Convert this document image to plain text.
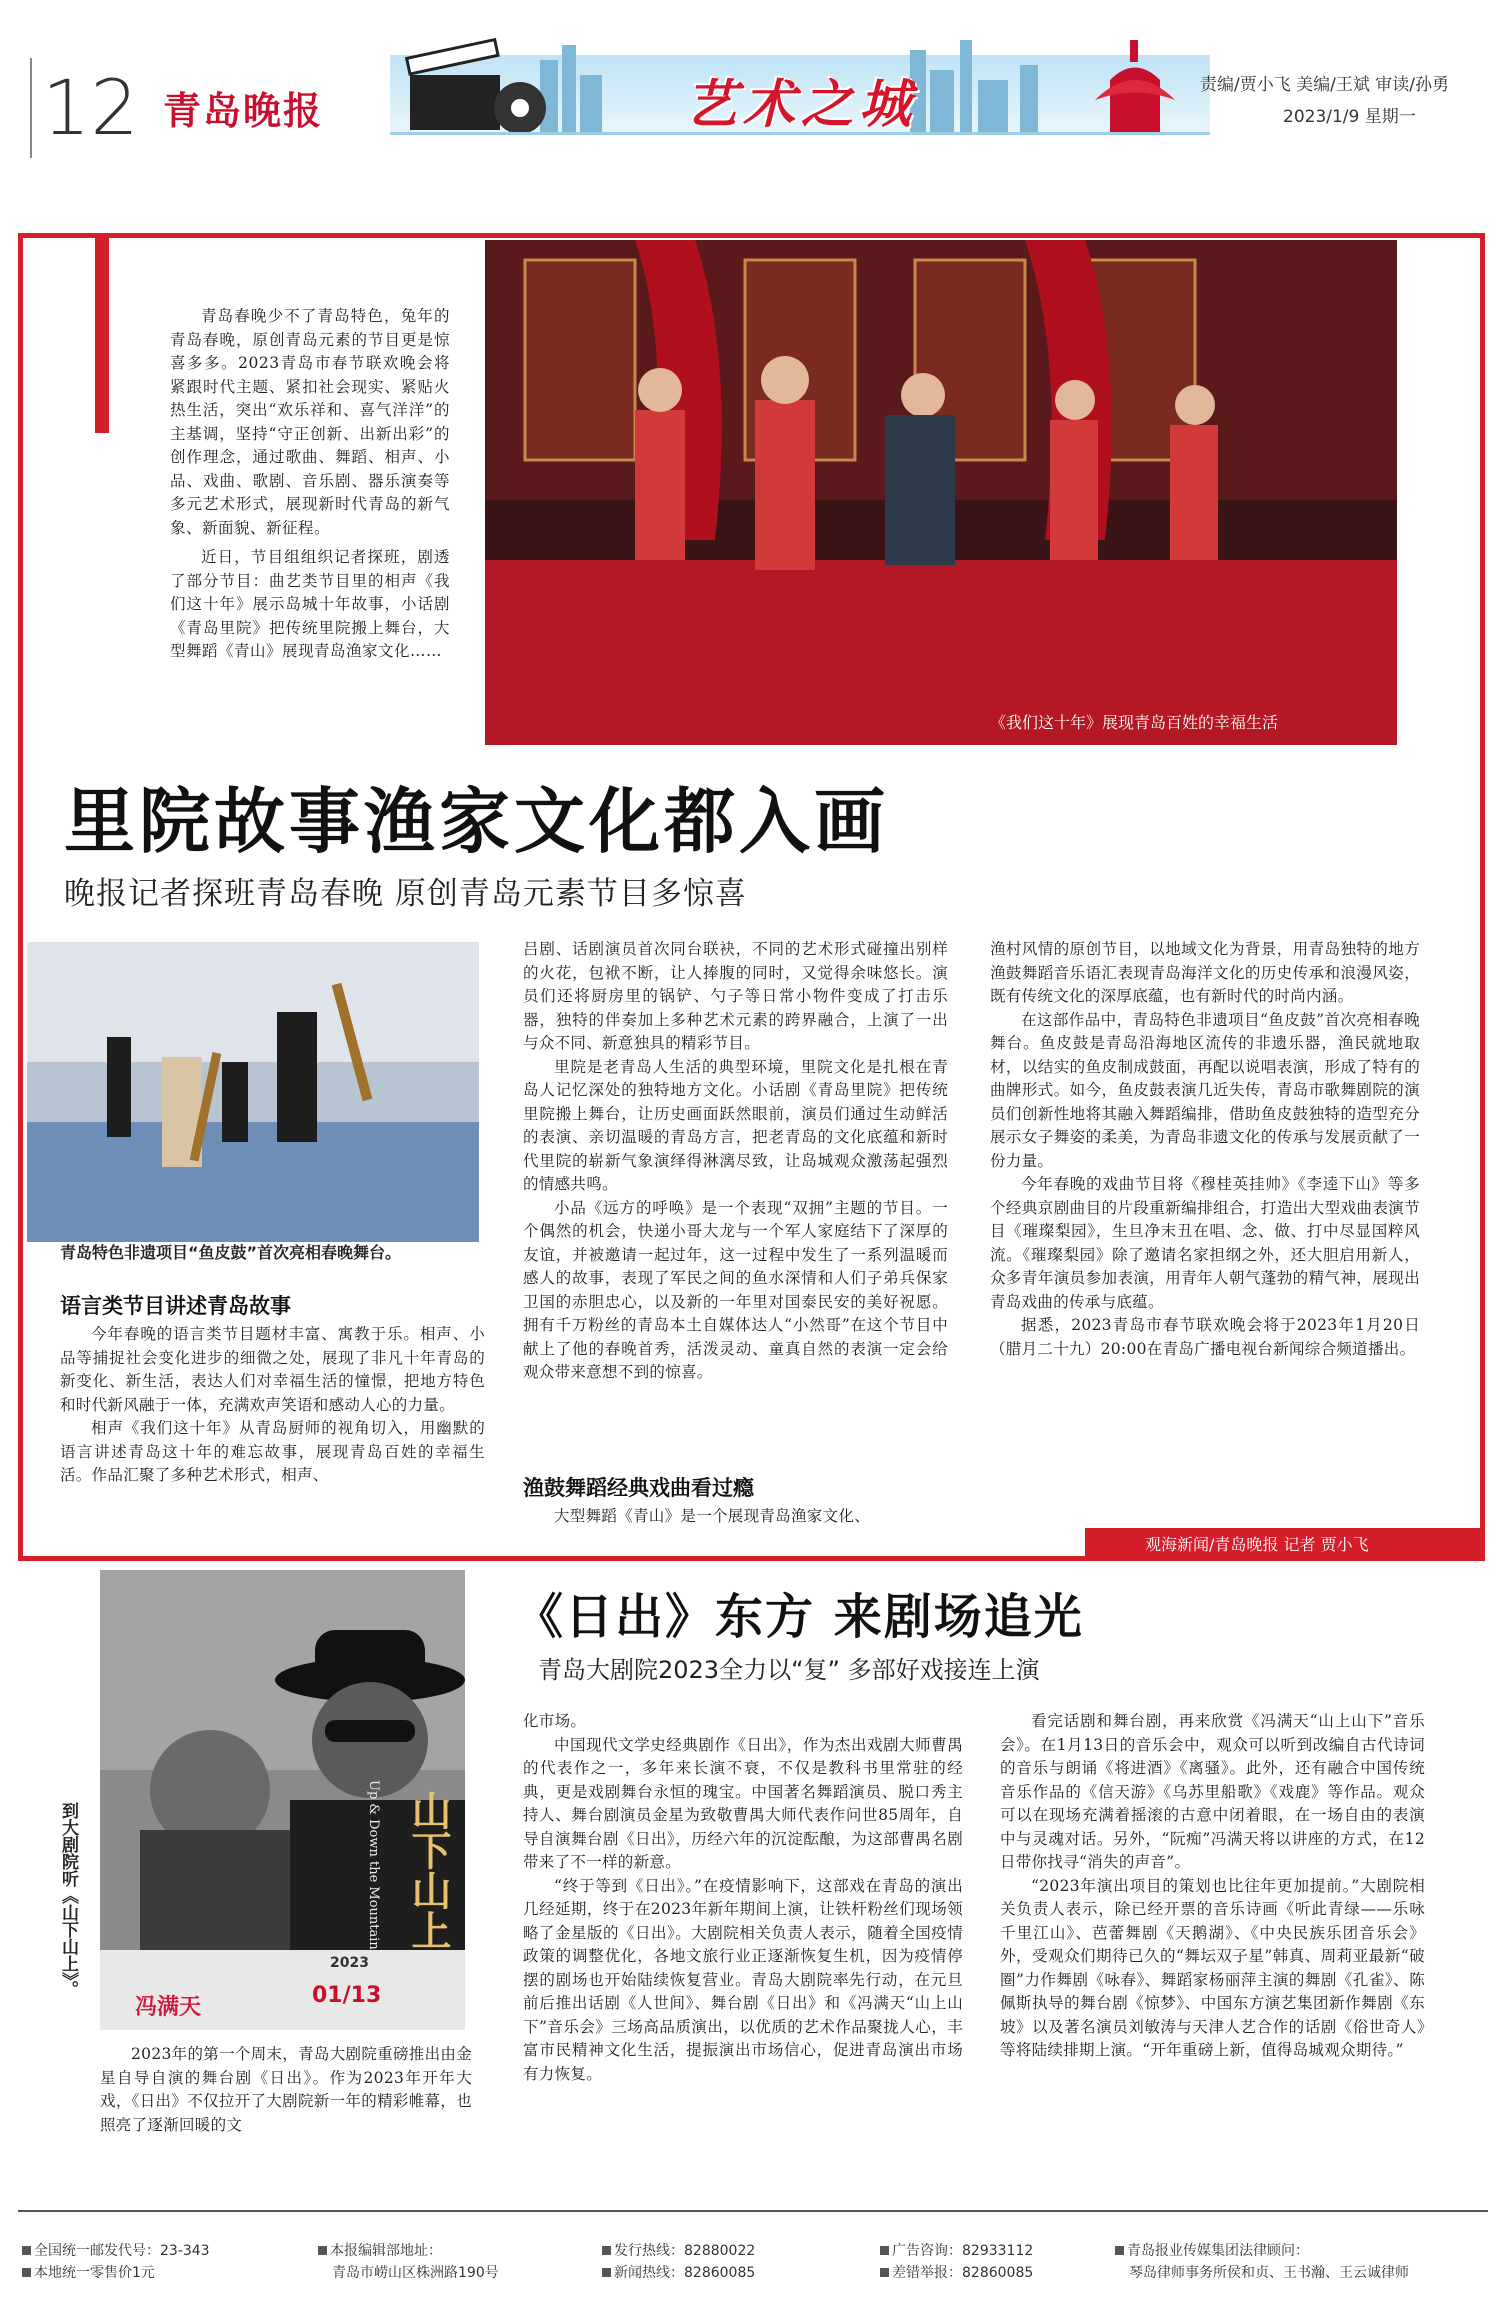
12 青岛晚报	艺术之城	责编/贾小飞 美编/王斌 审读/孙勇
2023/1/9 星期一

青岛春晚少不了青岛特色，兔年的青岛春晚，原创青岛元素的节目更是惊喜多多。2023青岛市春节联欢晚会将紧跟时代主题、紧扣社会现实、紧贴火热生活，突出“欢乐祥和、喜气洋洋”的主基调，坚持“守正创新、出新出彩”的创作理念，通过歌曲、舞蹈、相声、小品、戏曲、歌剧、音乐剧、器乐演奏等多元艺术形式，展现新时代青岛的新气象、新面貌、新征程。

近日，节目组组织记者探班，剧透了部分节目：曲艺类节目里的相声《我们这十年》展示岛城十年故事，小话剧《青岛里院》把传统里院搬上舞台，大型舞蹈《青山》展现青岛渔家文化……

《我们这十年》展现青岛百姓的幸福生活
里院故事渔家文化都入画
晚报记者探班青岛春晚 原创青岛元素节目多惊喜
青岛特色非遗项目“鱼皮鼓”首次亮相春晚舞台。
语言类节目讲述青岛故事

今年春晚的语言类节目题材丰富、寓教于乐。相声、小品等捕捉社会变化进步的细微之处，展现了非凡十年青岛的新变化、新生活，表达人们对幸福生活的憧憬，把地方特色和时代新风融于一体，充满欢声笑语和感动人心的力量。

相声《我们这十年》从青岛厨师的视角切入，用幽默的语言讲述青岛这十年的难忘故事，展现青岛百姓的幸福生活。作品汇聚了多种艺术形式，相声、

吕剧、话剧演员首次同台联袂，不同的艺术形式碰撞出别样的火花，包袱不断，让人捧腹的同时，又觉得余味悠长。演员们还将厨房里的锅铲、勺子等日常小物件变成了打击乐器，独特的伴奏加上多种艺术元素的跨界融合，上演了一出与众不同、新意独具的精彩节目。

里院是老青岛人生活的典型环境，里院文化是扎根在青岛人记忆深处的独特地方文化。小话剧《青岛里院》把传统里院搬上舞台，让历史画面跃然眼前，演员们通过生动鲜活的表演、亲切温暖的青岛方言，把老青岛的文化底蕴和新时代里院的崭新气象演绎得淋漓尽致，让岛城观众激荡起强烈的情感共鸣。

小品《远方的呼唤》是一个表现“双拥”主题的节目。一个偶然的机会，快递小哥大龙与一个军人家庭结下了深厚的友谊，并被邀请一起过年，这一过程中发生了一系列温暖而感人的故事，表现了军民之间的鱼水深情和人们子弟兵保家卫国的赤胆忠心，以及新的一年里对国泰民安的美好祝愿。拥有千万粉丝的青岛本土自媒体达人“小然哥”在这个节目中献上了他的春晚首秀，活泼灵动、童真自然的表演一定会给观众带来意想不到的惊喜。

渔鼓舞蹈经典戏曲看过瘾

大型舞蹈《青山》是一个展现青岛渔家文化、

渔村风情的原创节目，以地域文化为背景，用青岛独特的地方渔鼓舞蹈音乐语汇表现青岛海洋文化的历史传承和浪漫风姿，既有传统文化的深厚底蕴，也有新时代的时尚内涵。

在这部作品中，青岛特色非遗项目“鱼皮鼓”首次亮相春晚舞台。鱼皮鼓是青岛沿海地区流传的非遗乐器，渔民就地取材，以结实的鱼皮制成鼓面，再配以说唱表演，形成了特有的曲牌形式。如今，鱼皮鼓表演几近失传，青岛市歌舞剧院的演员们创新性地将其融入舞蹈编排，借助鱼皮鼓独特的造型充分展示女子舞姿的柔美，为青岛非遗文化的传承与发展贡献了一份力量。

今年春晚的戏曲节目将《穆桂英挂帅》《李逵下山》等多个经典京剧曲目的片段重新编排组合，打造出大型戏曲表演节目《璀璨梨园》，生旦净末丑在唱、念、做、打中尽显国粹风流。《璀璨梨园》除了邀请名家担纲之外，还大胆启用新人，众多青年演员参加表演，用青年人朝气蓬勃的精气神，展现出青岛戏曲的传承与底蕴。

据悉，2023青岛市春节联欢晚会将于2023年1月20日（腊月二十九）20:00在青岛广播电视台新闻综合频道播出。

观海新闻/青岛晚报 记者 贾小飞
《日出》东方 来剧场追光
青岛大剧院2023全力以“复” 多部好戏接连上演
到大剧院听《山下山上》。	山下山上
Up & Down the Mountain
2023
01/13
冯满天

2023年的第一个周末，青岛大剧院重磅推出由金星自导自演的舞台剧《日出》。作为2023年开年大戏，《日出》不仅拉开了大剧院新一年的精彩帷幕，也照亮了逐渐回暖的文

化市场。

中国现代文学史经典剧作《日出》，作为杰出戏剧大师曹禺的代表作之一，多年来长演不衰，不仅是教科书里常驻的经典，更是戏剧舞台永恒的瑰宝。中国著名舞蹈演员、脱口秀主持人、舞台剧演员金星为致敬曹禺大师代表作问世85周年，自导自演舞台剧《日出》，历经六年的沉淀酝酿，为这部曹禺名剧带来了不一样的新意。

“终于等到《日出》。”在疫情影响下，这部戏在青岛的演出几经延期，终于在2023年新年期间上演，让铁杆粉丝们现场领略了金星版的《日出》。大剧院相关负责人表示，随着全国疫情政策的调整优化，各地文旅行业正逐渐恢复生机，因为疫情停摆的剧场也开始陆续恢复营业。青岛大剧院率先行动，在元旦前后推出话剧《人世间》、舞台剧《日出》和《冯满天“山上山下”音乐会》三场高品质演出，以优质的艺术作品聚拢人心，丰富市民精神文化生活，提振演出市场信心，促进青岛演出市场有力恢复。

看完话剧和舞台剧，再来欣赏《冯满天“山上山下”音乐会》。在1月13日的音乐会中，观众可以听到改编自古代诗词的音乐与朗诵《将进酒》《离骚》。此外，还有融合中国传统音乐作品的《信天游》《乌苏里船歌》《戏鹿》等作品。观众可以在现场充满着摇滚的古意中闭着眼，在一场自由的表演中与灵魂对话。另外，“阮痴”冯满天将以讲座的方式，在12日带你找寻“消失的声音”。

“2023年演出项目的策划也比往年更加提前。”大剧院相关负责人表示，除已经开票的音乐诗画《听此青绿——乐咏千里江山》、芭蕾舞剧《天鹅湖》、《中央民族乐团音乐会》外，受观众们期待已久的“舞坛双子星”韩真、周莉亚最新“破圈”力作舞剧《咏春》、舞蹈家杨丽萍主演的舞剧《孔雀》、陈佩斯执导的舞台剧《惊梦》、中国东方演艺集团新作舞剧《东坡》以及著名演员刘敏涛与天津人艺合作的话剧《俗世奇人》等将陆续排期上演。“开年重磅上新，值得岛城观众期待。”

全国统一邮发代号：23-343
本地统一零售价1元
本报编辑部地址：
青岛市崂山区株洲路190号
发行热线：82880022
新闻热线：82860085
广告咨询：82933112
差错举报：82860085
青岛报业传媒集团法律顾问：
琴岛律师事务所侯和贞、王书瀚、王云诚律师
